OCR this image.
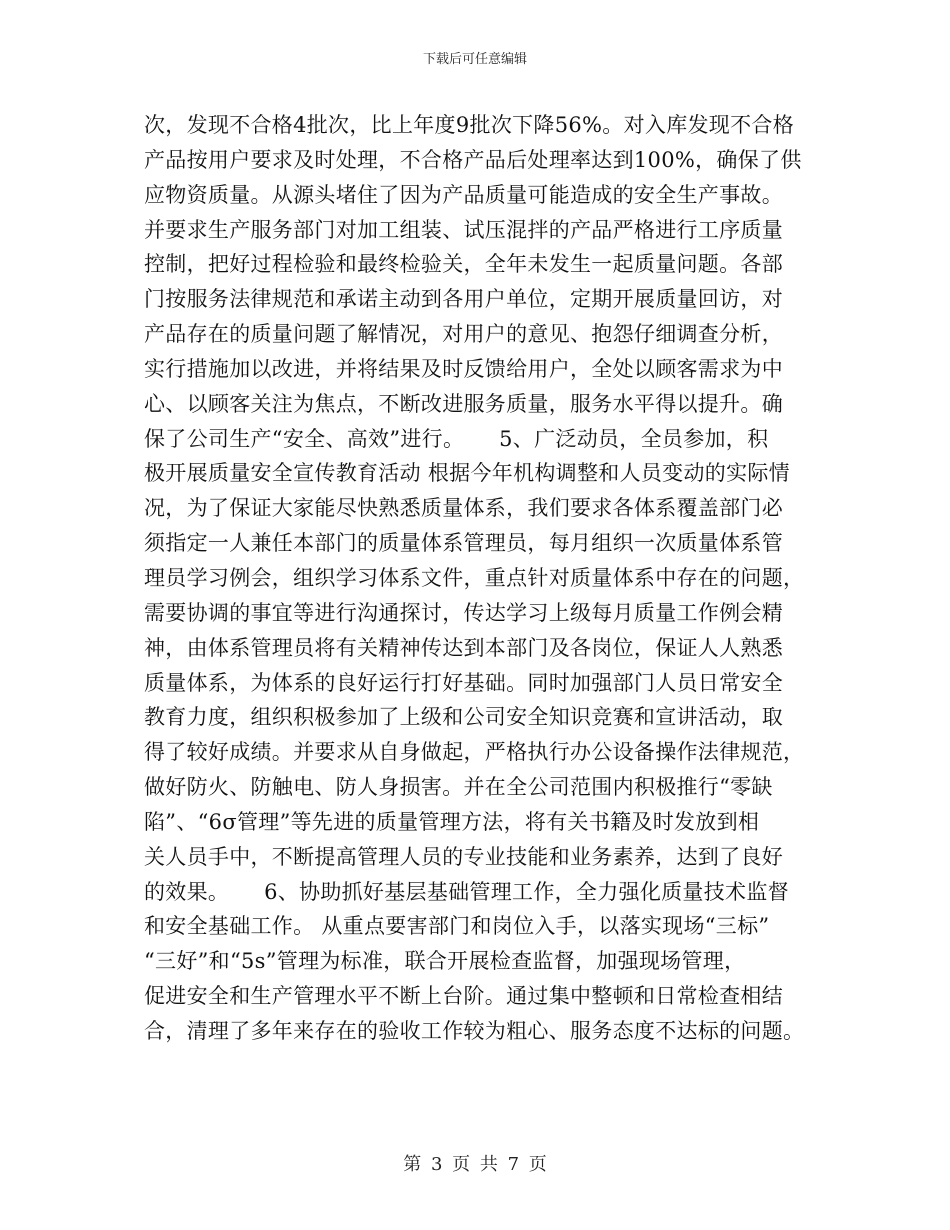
下载后可任意编辑
次，发现不合格4批次，比上年度9批次下降56%。对入库发现不合格
产品按用户要求及时处理，不合格产品后处理率达到100%，确保了供
应物资质量。从源头堵住了因为产品质量可能造成的安全生产事故。
并要求生产服务部门对加工组装、试压混拌的产品严格进行工序质量
控制，把好过程检验和最终检验关，全年未发生一起质量问题。各部
门按服务法律规范和承诺主动到各用户单位，定期开展质量回访，对
产品存在的质量问题了解情况，对用户的意见、抱怨仔细调查分析，
实行措施加以改进，并将结果及时反馈给用户，全处以顾客需求为中
心、以顾客关注为焦点，不断改进服务质量，服务水平得以提升。确
保了公司生产“安全、高效”进行。     5、广泛动员，全员参加，积
极开展质量安全宣传教育活动 根据今年机构调整和人员变动的实际情
况，为了保证大家能尽快熟悉质量体系，我们要求各体系覆盖部门必
须指定一人兼任本部门的质量体系管理员，每月组织一次质量体系管
理员学习例会，组织学习体系文件，重点针对质量体系中存在的问题，
需要协调的事宜等进行沟通探讨，传达学习上级每月质量工作例会精
神，由体系管理员将有关精神传达到本部门及各岗位，保证人人熟悉
质量体系，为体系的良好运行打好基础。同时加强部门人员日常安全
教育力度，组织积极参加了上级和公司安全知识竞赛和宣讲活动，取
得了较好成绩。并要求从自身做起，严格执行办公设备操作法律规范，
做好防火、防触电、防人身损害。并在全公司范围内积极推行“零缺
陷”、“6σ管理”等先进的质量管理方法，将有关书籍及时发放到相
关人员手中，不断提高管理人员的专业技能和业务素养，达到了良好
的效果。     6、协助抓好基层基础管理工作，全力强化质量技术监督
和安全基础工作。 从重点要害部门和岗位入手，以落实现场“三标”
“三好”和“5s”管理为标准，联合开展检查监督，加强现场管理，
促进安全和生产管理水平不断上台阶。通过集中整顿和日常检查相结
合，清理了多年来存在的验收工作较为粗心、服务态度不达标的问题。
第 3 页 共 7 页
